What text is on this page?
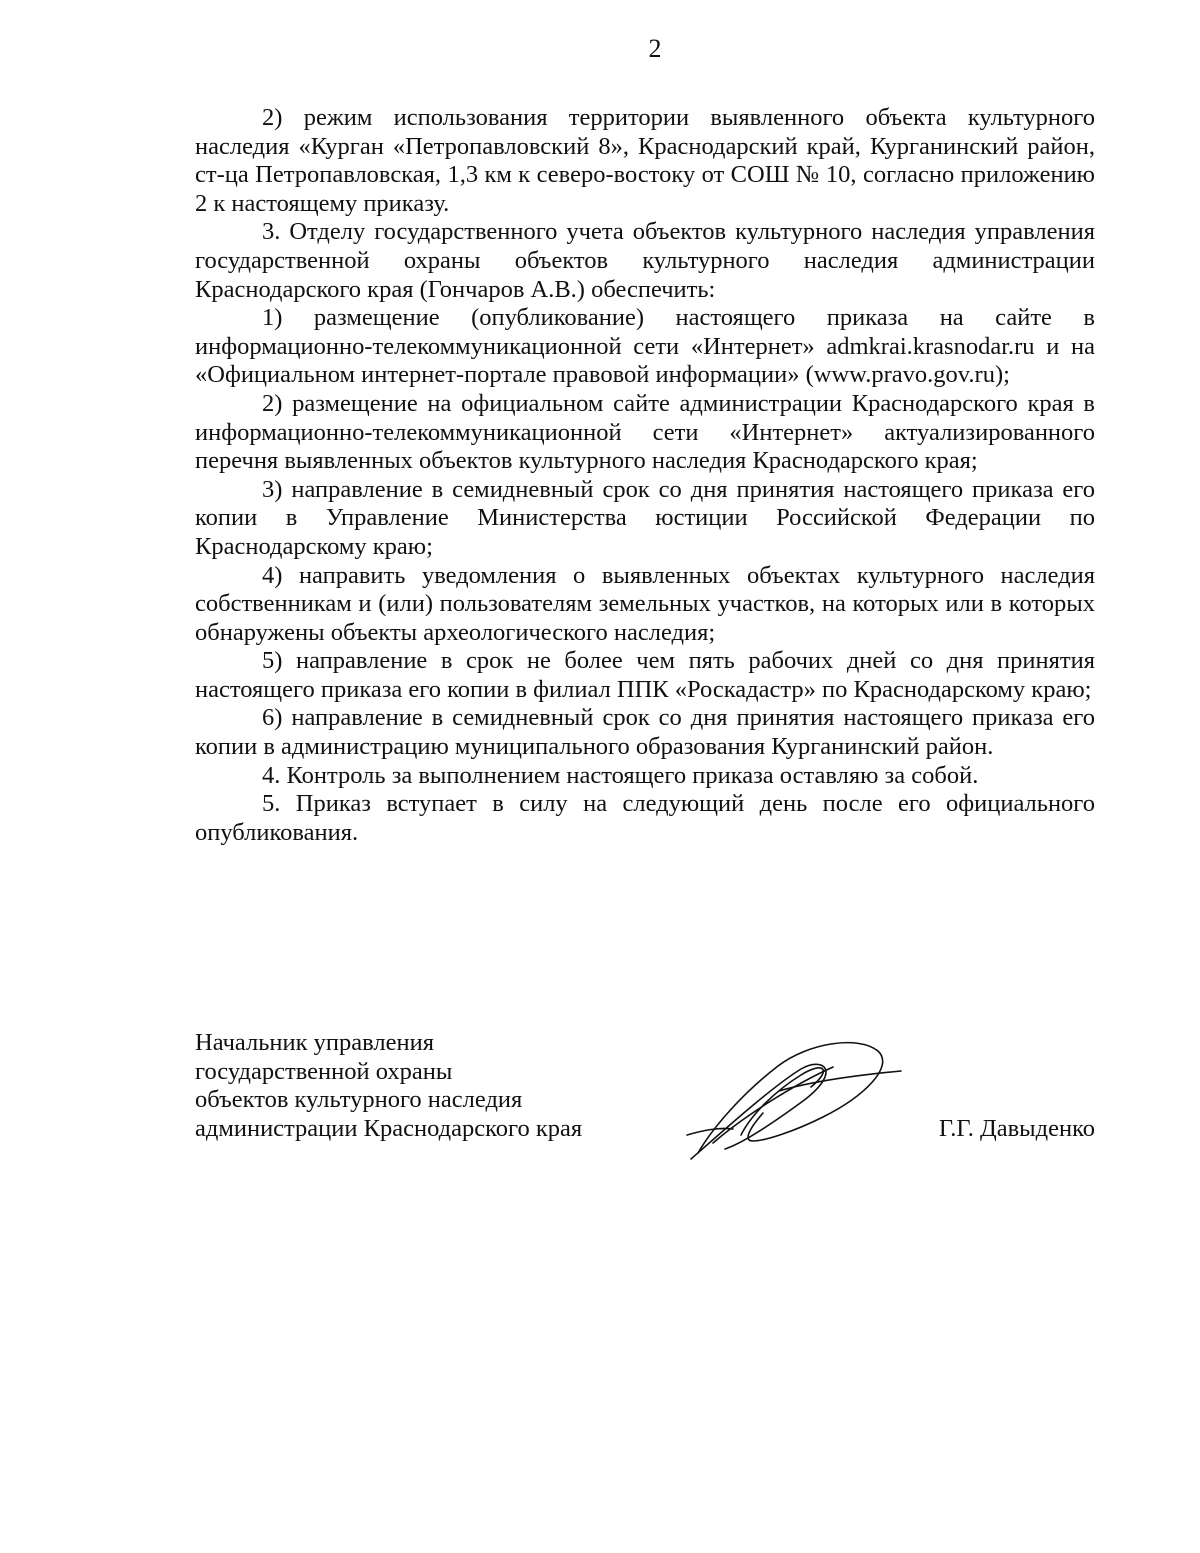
2

2) режим использования территории выявленного объекта культурного наследия «Курган «Петропавловский 8», Краснодарский край, Курганинский район, ст-ца Петропавловская, 1,3 км к северо-востоку от СОШ № 10, согласно приложению 2 к настоящему приказу.

3. Отделу государственного учета объектов культурного наследия управления государственной охраны объектов культурного наследия администрации Краснодарского края (Гончаров А.В.) обеспечить:

1) размещение (опубликование) настоящего приказа на сайте в информационно-телекоммуникационной сети «Интернет» admkrai.krasnodar.ru и на «Официальном интернет-портале правовой информации» (www.pravo.gov.ru);

2) размещение на официальном сайте администрации Краснодарского края в информационно-телекоммуникационной сети «Интернет» актуализированного перечня выявленных объектов культурного наследия Краснодарского края;

3) направление в семидневный срок со дня принятия настоящего приказа его копии в Управление Министерства юстиции Российской Федерации по Краснодарскому краю;

4) направить уведомления о выявленных объектах культурного наследия собственникам и (или) пользователям земельных участков, на которых или в которых обнаружены объекты археологического наследия;

5) направление в срок не более чем пять рабочих дней со дня принятия настоящего приказа его копии в филиал ППК «Роскадастр» по Краснодарскому краю;

6) направление в семидневный срок со дня принятия настоящего приказа его копии в администрацию муниципального образования Курганинский район.

4. Контроль за выполнением настоящего приказа оставляю за собой.

5. Приказ вступает в силу на следующий день после его официального опубликования.

Начальник управления
государственной охраны
объектов культурного наследия
администрации Краснодарского края	Г.Г. Давыденко
